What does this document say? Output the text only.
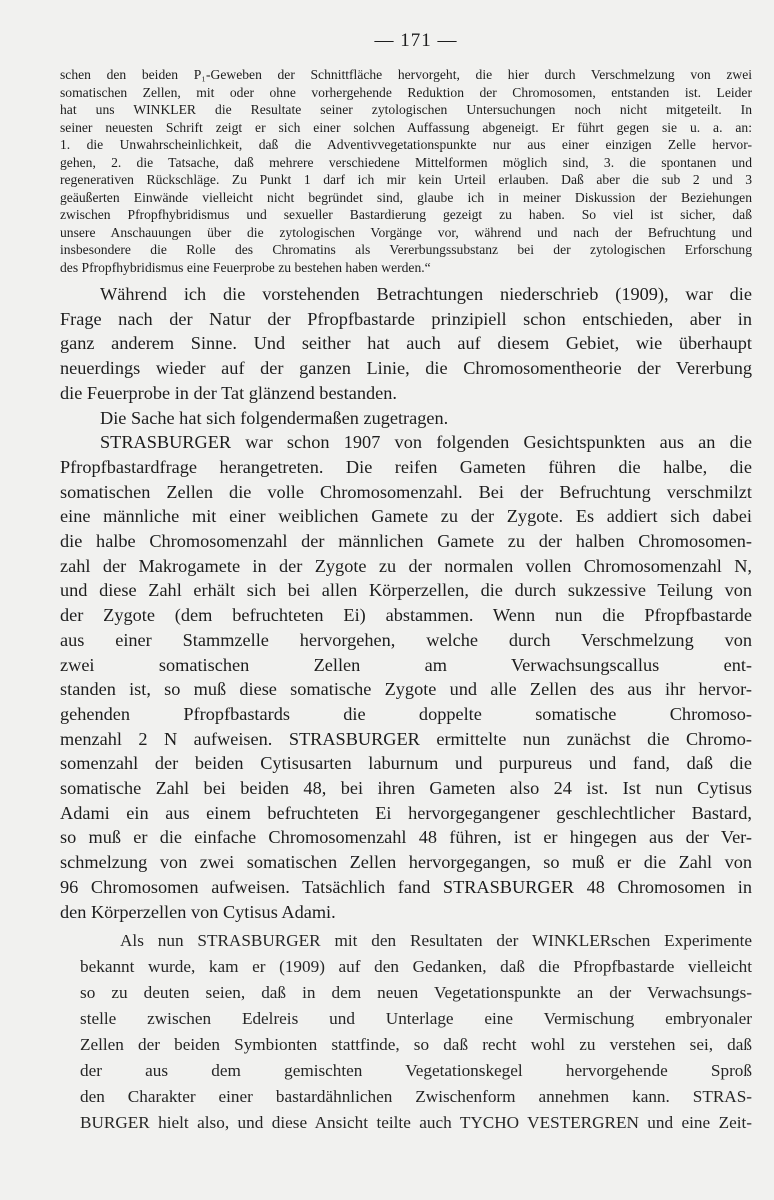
— 171 —
schen den beiden P₁-Geweben der Schnittfläche hervorgeht, die hier durch Verschmelzung von zwei
somatischen Zellen, mit oder ohne vorhergehende Reduktion der Chromosomen, entstanden ist. Leider
hat uns WINKLER die Resultate seiner zytologischen Untersuchungen noch nicht mitgeteilt. In
seiner neuesten Schrift zeigt er sich einer solchen Auffassung abgeneigt. Er führt gegen sie u. a. an:
1. die Unwahrscheinlichkeit, daß die Adventivvegetationspunkte nur aus einer einzigen Zelle hervor-
gehen, 2. die Tatsache, daß mehrere verschiedene Mittelformen möglich sind, 3. die spontanen und
regenerativen Rückschläge. Zu Punkt 1 darf ich mir kein Urteil erlauben. Daß aber die sub 2 und 3
geäußerten Einwände vielleicht nicht begründet sind, glaube ich in meiner Diskussion der Beziehungen
zwischen Pfropfhybridismus und sexueller Bastardierung gezeigt zu haben. So viel ist sicher, daß
unsere Anschauungen über die zytologischen Vorgänge vor, während und nach der Befruchtung und
insbesondere die Rolle des Chromatins als Vererbungssubstanz bei der zytologischen Erforschung
des Pfropfhybridismus eine Feuerprobe zu bestehen haben werden.“
Während ich die vorstehenden Betrachtungen niederschrieb (1909), war die
Frage nach der Natur der Pfropfbastarde prinzipiell schon entschieden, aber in
ganz anderem Sinne. Und seither hat auch auf diesem Gebiet, wie überhaupt
neuerdings wieder auf der ganzen Linie, die Chromosomentheorie der Vererbung
die Feuerprobe in der Tat glänzend bestanden.
Die Sache hat sich folgendermaßen zugetragen.
STRASBURGER war schon 1907 von folgenden Gesichtspunkten aus an die
Pfropfbastardfrage herangetreten. Die reifen Gameten führen die halbe, die
somatischen Zellen die volle Chromosomenzahl. Bei der Befruchtung verschmilzt
eine männliche mit einer weiblichen Gamete zu der Zygote. Es addiert sich dabei
die halbe Chromosomenzahl der männlichen Gamete zu der halben Chromosomen-
zahl der Makrogamete in der Zygote zu der normalen vollen Chromosomenzahl N,
und diese Zahl erhält sich bei allen Körperzellen, die durch sukzessive Teilung von
der Zygote (dem befruchteten Ei) abstammen. Wenn nun die Pfropfbastarde
aus einer Stammzelle hervorgehen, welche durch Verschmelzung von
zwei somatischen Zellen am Verwachsungscallus ent-
standen ist, so muß diese somatische Zygote und alle Zellen des aus ihr hervor-
gehenden Pfropfbastards die doppelte somatische Chromoso-
menzahl 2 N aufweisen. STRASBURGER ermittelte nun zunächst die Chromo-
somenzahl der beiden Cytisusarten laburnum und purpureus und fand, daß die
somatische Zahl bei beiden 48, bei ihren Gameten also 24 ist. Ist nun Cytisus
Adami ein aus einem befruchteten Ei hervorgegangener geschlechtlicher Bastard,
so muß er die einfache Chromosomenzahl 48 führen, ist er hingegen aus der Ver-
schmelzung von zwei somatischen Zellen hervorgegangen, so muß er die Zahl von
96 Chromosomen aufweisen. Tatsächlich fand STRASBURGER 48 Chromosomen in
den Körperzellen von Cytisus Adami.
Als nun STRASBURGER mit den Resultaten der WINKLERschen Experimente
bekannt wurde, kam er (1909) auf den Gedanken, daß die Pfropfbastarde vielleicht
so zu deuten seien, daß in dem neuen Vegetationspunkte an der Verwachsungs-
stelle zwischen Edelreis und Unterlage eine Vermischung embryonaler
Zellen der beiden Symbionten stattfinde, so daß recht wohl zu verstehen sei, daß
der aus dem gemischten Vegetationskegel hervorgehende Sproß
den Charakter einer bastardähnlichen Zwischenform annehmen kann. STRAS-
BURGER hielt also, und diese Ansicht teilte auch TYCHO VESTERGREN und eine Zeit-
